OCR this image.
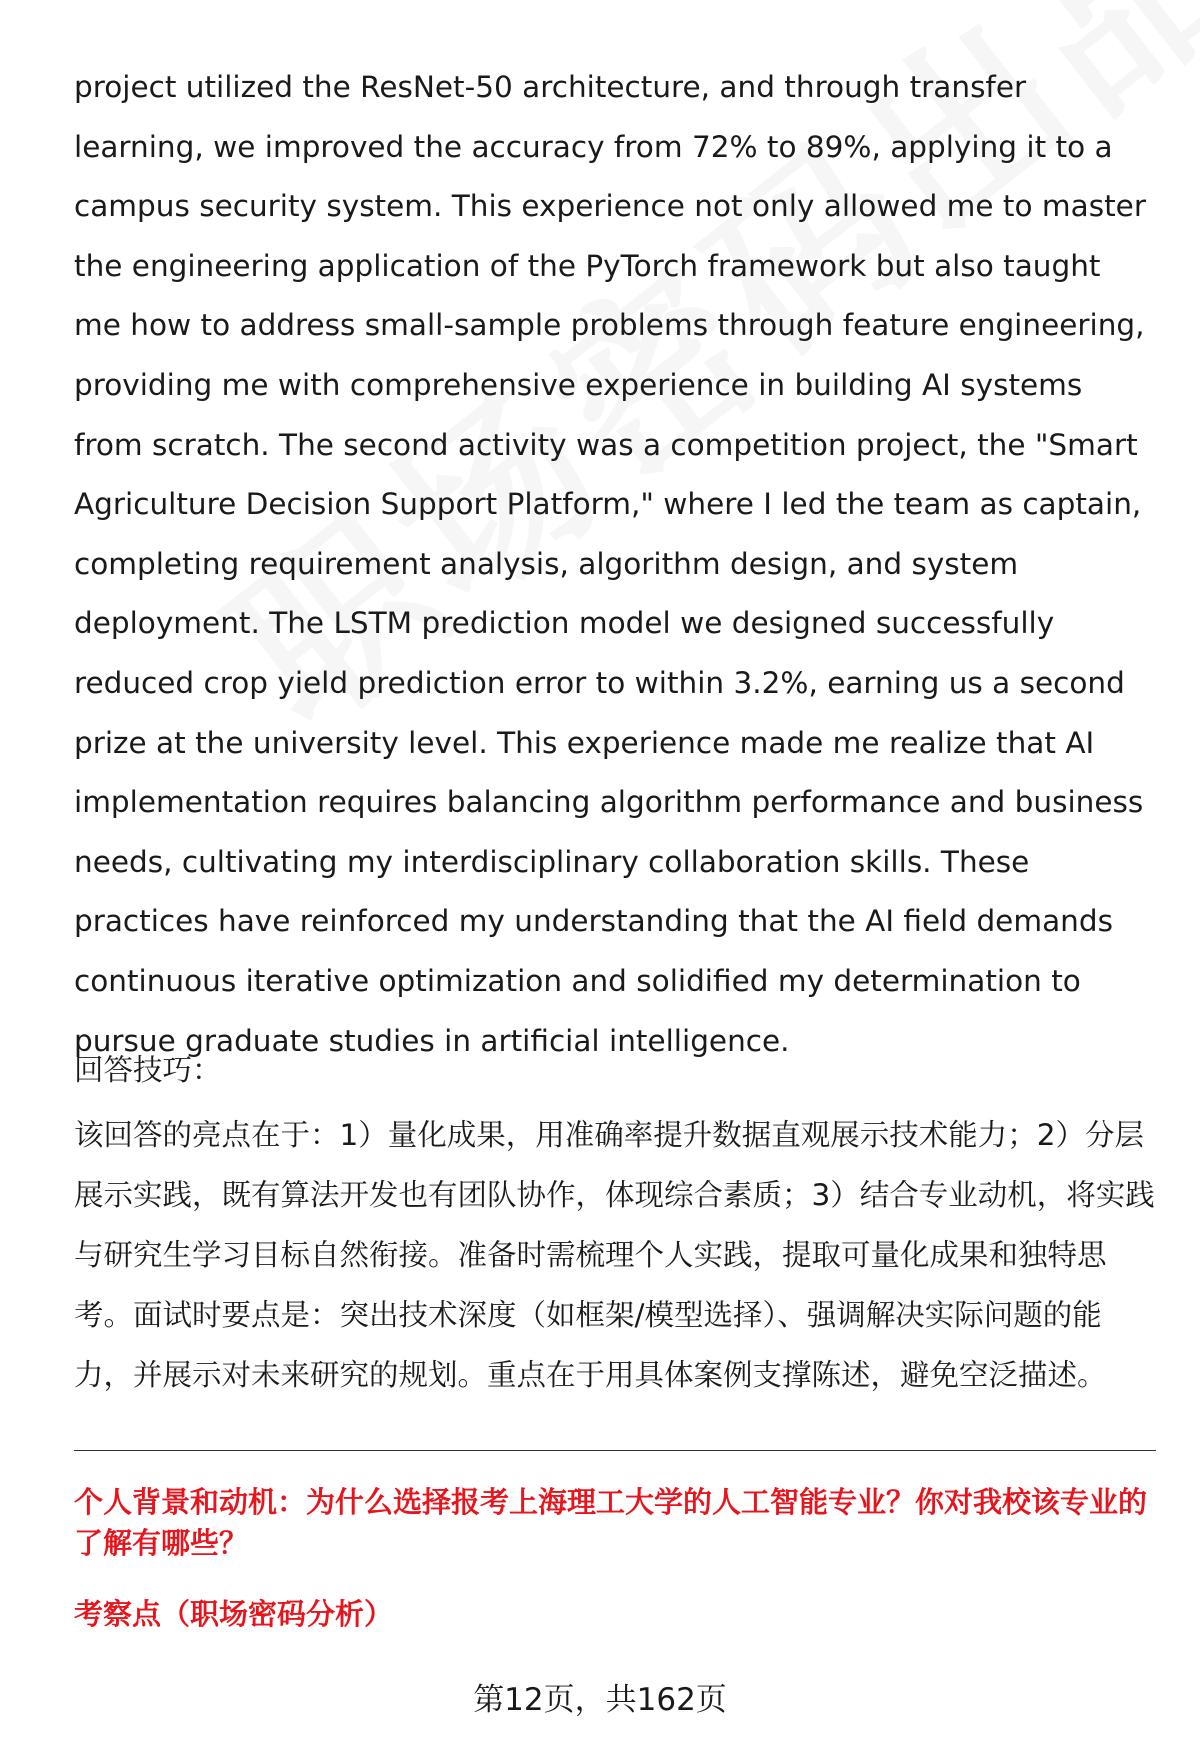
project utilized the ResNet-50 architecture, and through transfer learning, we improved the accuracy from 72% to 89%, applying it to a campus security system. This experience not only allowed me to master the engineering application of the PyTorch framework but also taught me how to address small-sample problems through feature engineering, providing me with comprehensive experience in building AI systems from scratch. The second activity was a competition project, the "Smart Agriculture Decision Support Platform," where I led the team as captain, completing requirement analysis, algorithm design, and system deployment. The LSTM prediction model we designed successfully reduced crop yield prediction error to within 3.2%, earning us a second prize at the university level. This experience made me realize that AI implementation requires balancing algorithm performance and business needs, cultivating my interdisciplinary collaboration skills. These practices have reinforced my understanding that the AI field demands continuous iterative optimization and solidified my determination to pursue graduate studies in artificial intelligence.

回答技巧：

该回答的亮点在于：1）量化成果，用准确率提升数据直观展示技术能力；2）分层展示实践，既有算法开发也有团队协作，体现综合素质；3）结合专业动机，将实践与研究生学习目标自然衔接。准备时需梳理个人实践，提取可量化成果和独特思考。面试时要点是：突出技术深度（如框架/模型选择）、强调解决实际问题的能力，并展示对未来研究的规划。重点在于用具体案例支撑陈述，避免空泛描述。

个人背景和动机：为什么选择报考上海理工大学的人工智能专业？你对我校该专业的了解有哪些？

考察点（职场密码分析）

第12页，共162页
